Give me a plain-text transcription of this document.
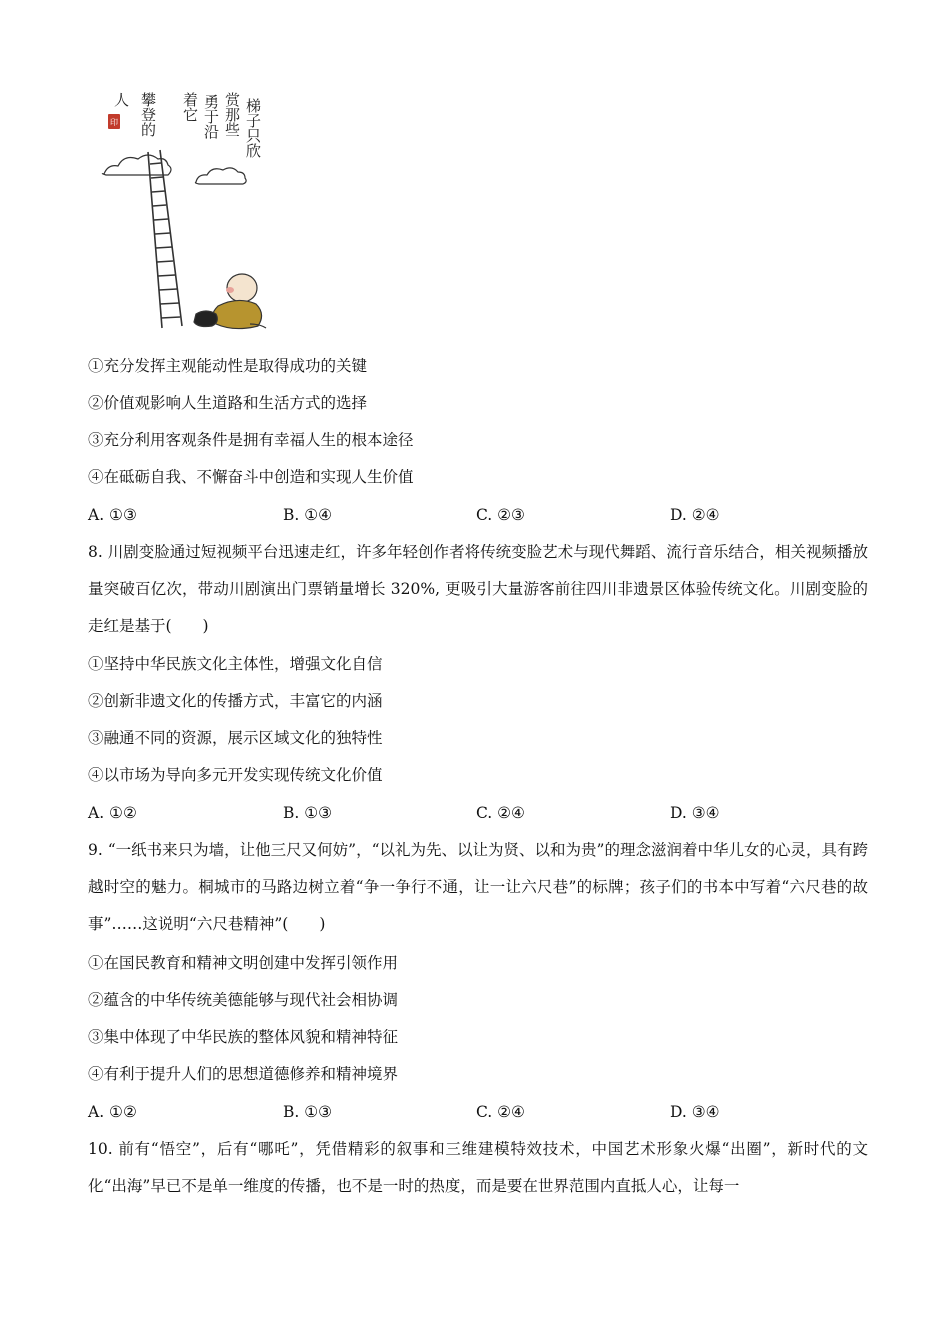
梯子只欣
赏那些
勇于沿
着它
攀登的
人
印
①充分发挥主观能动性是取得成功的关键
②价值观影响人生道路和生活方式的选择
③充分利用客观条件是拥有幸福人生的根本途径
④在砥砺自我、不懈奋斗中创造和实现人生价值
A. ①③	B. ①④	C. ②③	D. ②④
8. 川剧变脸通过短视频平台迅速走红，许多年轻创作者将传统变脸艺术与现代舞蹈、流行音乐结合，相关视频播放量突破百亿次，带动川剧演出门票销量增长 320%, 更吸引大量游客前往四川非遗景区体验传统文化。川剧变脸的走红是基于(　　)
①坚持中华民族文化主体性，增强文化自信
②创新非遗文化的传播方式，丰富它的内涵
③融通不同的资源，展示区域文化的独特性
④以市场为导向多元开发实现传统文化价值
A. ①②	B. ①③	C. ②④	D. ③④
9. “一纸书来只为墙，让他三尺又何妨”，“以礼为先、以让为贤、以和为贵”的理念滋润着中华儿女的心灵，具有跨越时空的魅力。桐城市的马路边树立着“争一争行不通，让一让六尺巷”的标牌；孩子们的书本中写着“六尺巷的故事”……这说明“六尺巷精神”(　　)
①在国民教育和精神文明创建中发挥引领作用
②蕴含的中华传统美德能够与现代社会相协调
③集中体现了中华民族的整体风貌和精神特征
④有利于提升人们的思想道德修养和精神境界
A. ①②	B. ①③	C. ②④	D. ③④
10. 前有“悟空”，后有“哪吒”，凭借精彩的叙事和三维建模特效技术，中国艺术形象火爆“出圈”，新时代的文化“出海”早已不是单一维度的传播，也不是一时的热度，而是要在世界范围内直抵人心，让每一
